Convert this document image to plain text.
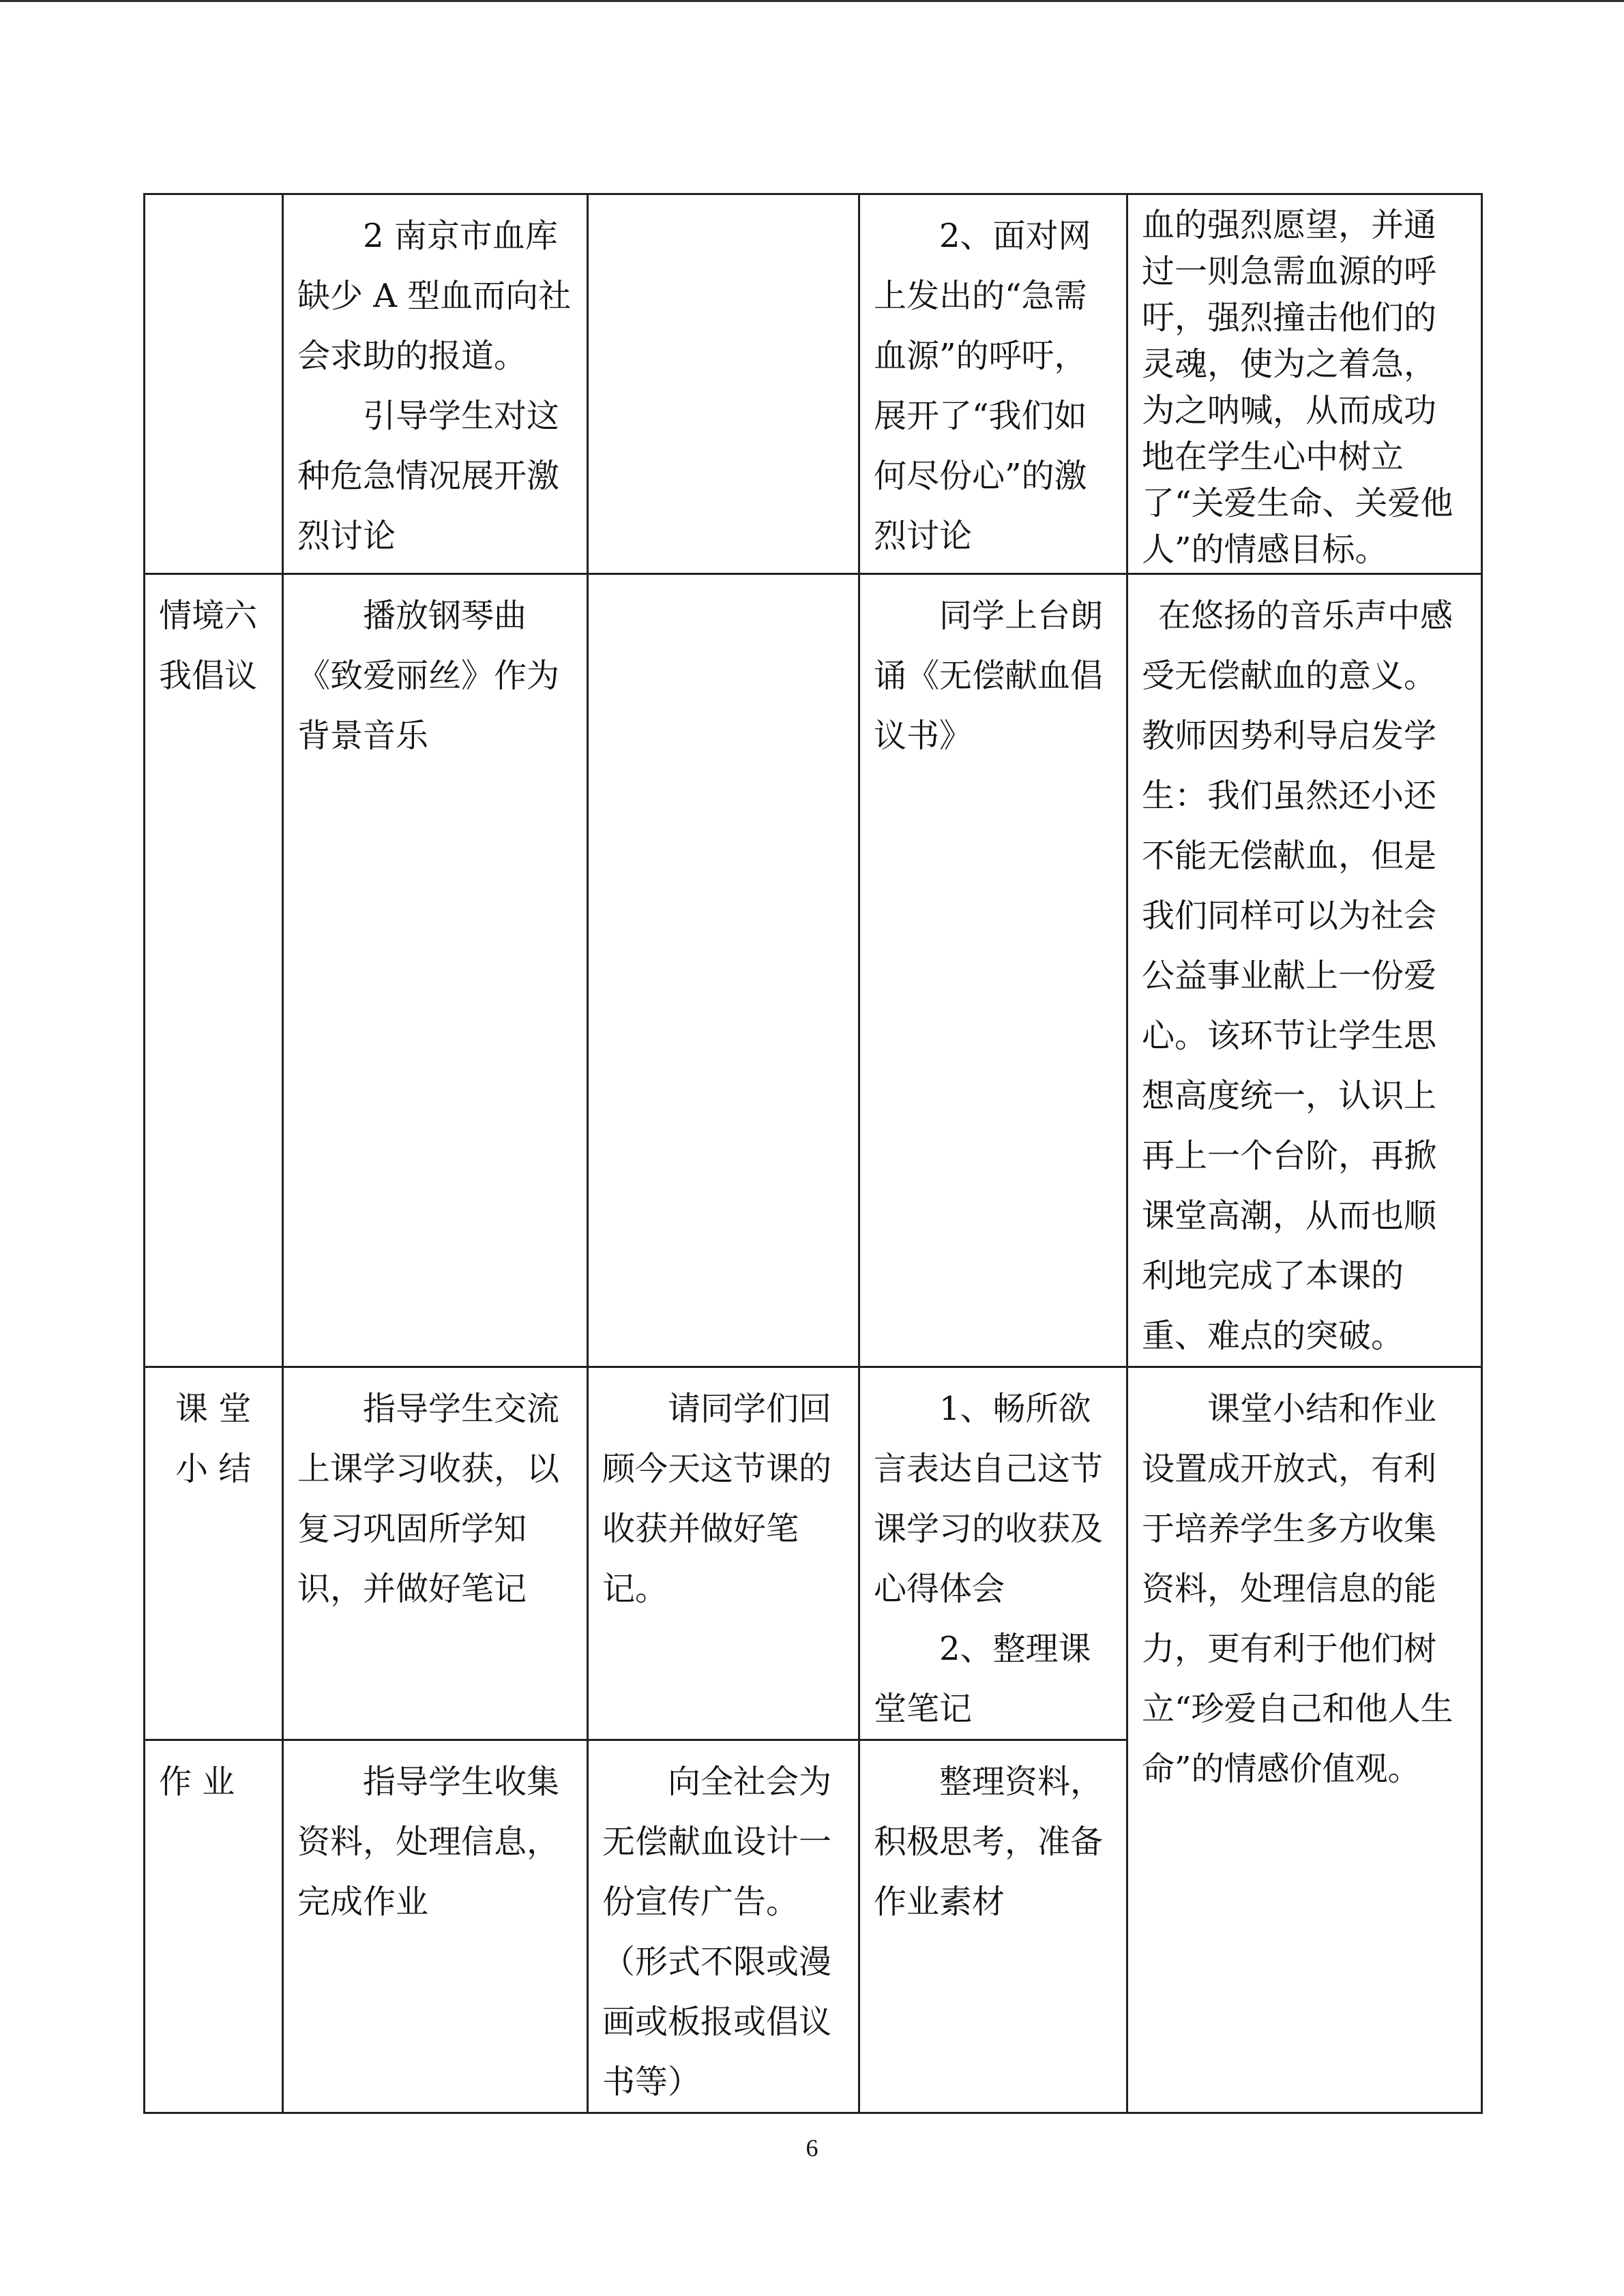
	2 南京市血库缺少 A 型血而向社会求助的报道。
引导学生对这种危急情况展开激烈讨论		2、面对网上发出的“急需血源”的呼吁，展开了“我们如何尽份心”的激烈讨论	血的强烈愿望，并通过一则急需血源的呼吁，强烈撞击他们的灵魂，使为之着急，为之呐喊，从而成功地在学生心中树立了“关爱生命、关爱他人”的情感目标。

情境六
我倡议	播放钢琴曲《致爱丽丝》作为背景音乐		同学上台朗诵《无偿献血倡议书》	在悠扬的音乐声中感受无偿献血的意义。教师因势利导启发学生：我们虽然还小还不能无偿献血，但是我们同样可以为社会公益事业献上一份爱心。该环节让学生思想高度统一，认识上再上一个台阶，再掀课堂高潮，从而也顺利地完成了本课的重、难点的突破。

课 堂
小 结	指导学生交流上课学习收获，以复习巩固所学知识，并做好笔记	请同学们回顾今天这节课的收获并做好笔记。	1、畅所欲言表达自己这节课学习的收获及心得体会
2、整理课堂笔记	课堂小结和作业设置成开放式，有利于培养学生多方收集资料，处理信息的能力，更有利于他们树立“珍爱自己和他人生命”的情感价值观。

作 业	指导学生收集资料，处理信息，完成作业	向全社会为无偿献血设计一份宣传广告。
（形式不限或漫画或板报或倡议书等）	整理资料，积极思考，准备作业素材	
6
